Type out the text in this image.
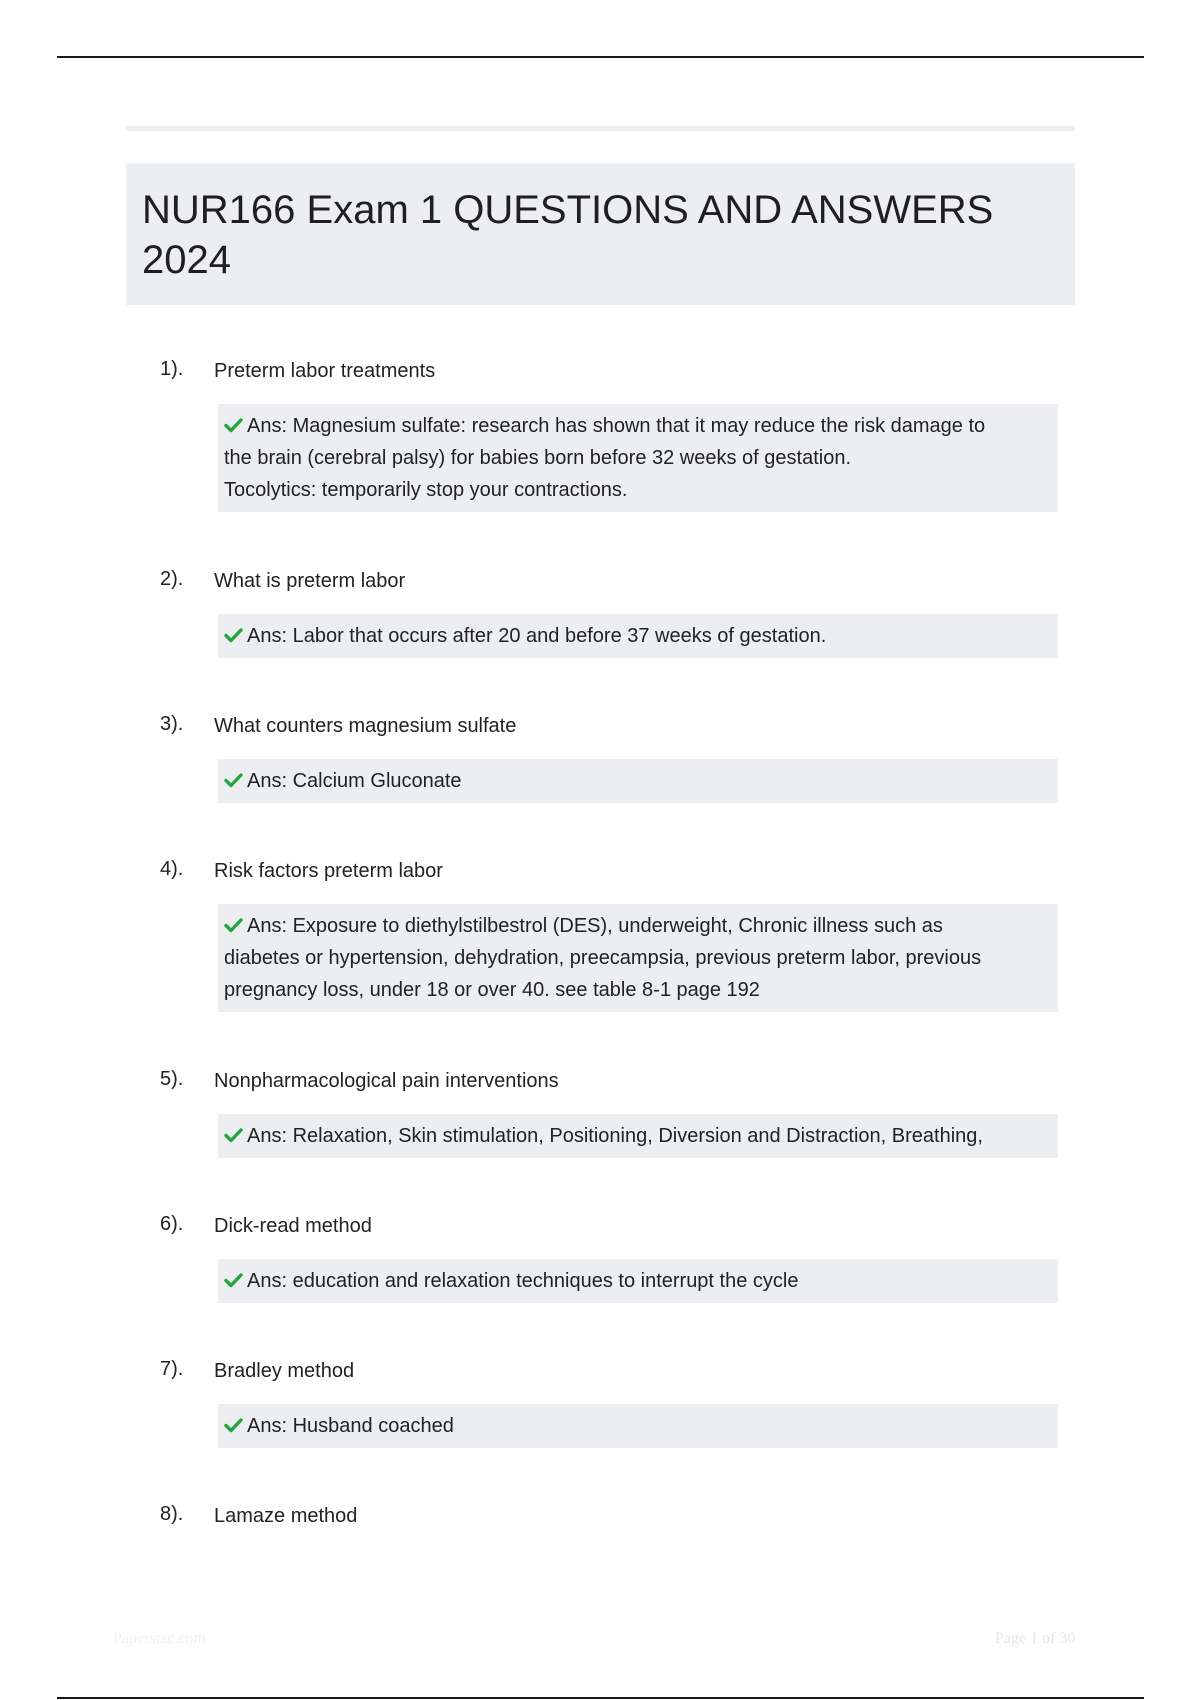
NUR166 Exam 1 QUESTIONS AND ANSWERS 2024
1). Preterm labor treatments
Ans: Magnesium sulfate: research has shown that it may reduce the risk damage to
the brain (cerebral palsy) for babies born before 32 weeks of gestation.
Tocolytics: temporarily stop your contractions.
2). What is preterm labor
Ans: Labor that occurs after 20 and before 37 weeks of gestation.
3). What counters magnesium sulfate
Ans: Calcium Gluconate
4). Risk factors preterm labor
Ans: Exposure to diethylstilbestrol (DES), underweight, Chronic illness such as
diabetes or hypertension, dehydration, preecampsia, previous preterm labor, previous
pregnancy loss, under 18 or over 40. see table 8-1 page 192
5). Nonpharmacological pain interventions
Ans: Relaxation, Skin stimulation, Positioning, Diversion and Distraction, Breathing,
6). Dick-read method
Ans: education and relaxation techniques to interrupt the cycle
7). Bradley method
Ans: Husband coached
8). Lamaze method
Paperstac.com	Page 1 of 30
